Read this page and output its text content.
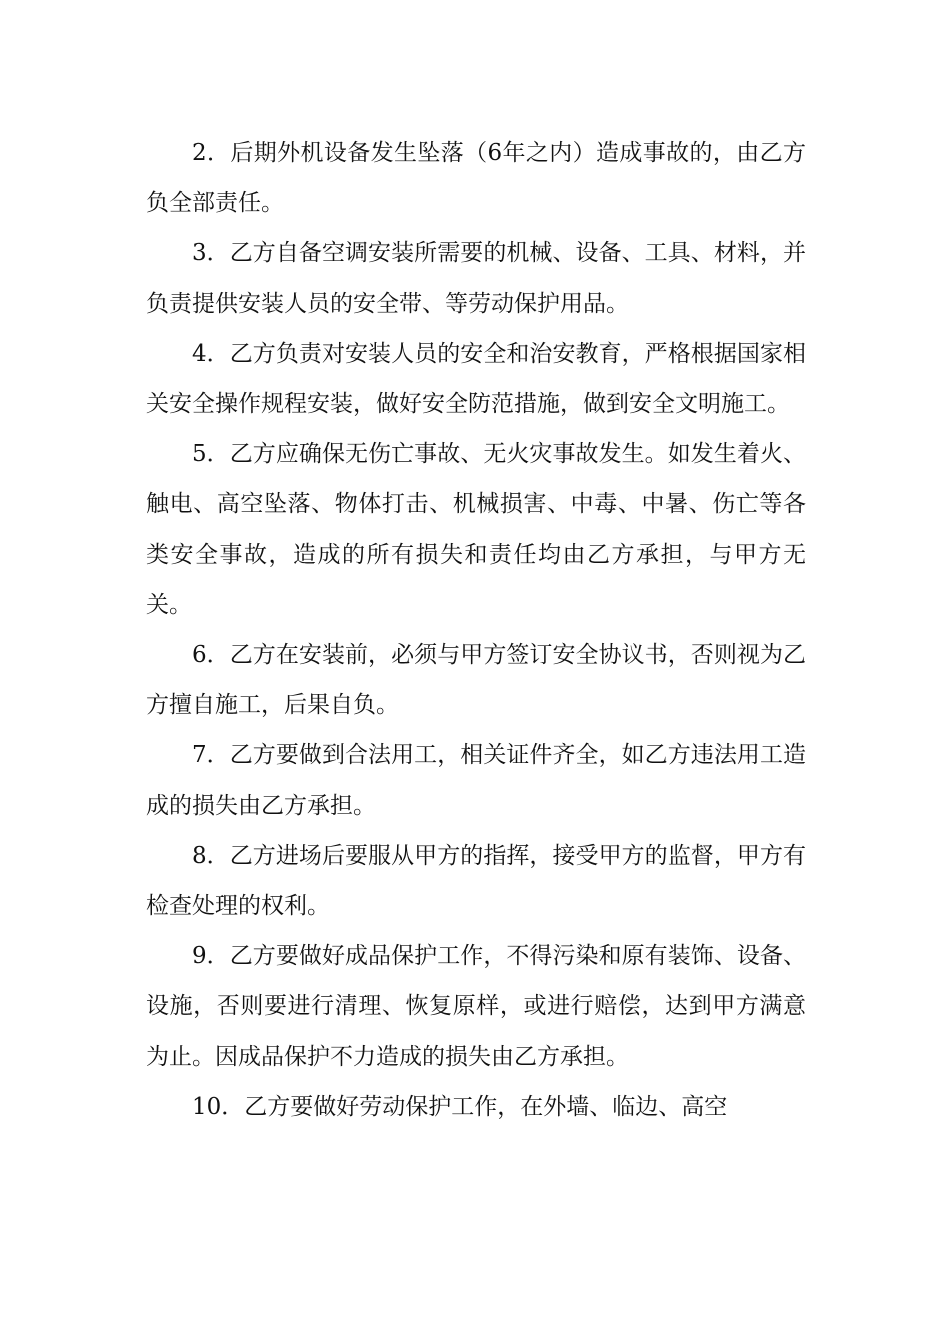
2．后期外机设备发生坠落（6年之内）造成事故的，由乙方负全部责任。

3．乙方自备空调安装所需要的机械、设备、工具、材料，并负责提供安装人员的安全带、等劳动保护用品。

4．乙方负责对安装人员的安全和治安教育，严格根据国家相关安全操作规程安装，做好安全防范措施，做到安全文明施工。

5．乙方应确保无伤亡事故、无火灾事故发生。如发生着火、触电、高空坠落、物体打击、机械损害、中毒、中暑、伤亡等各类安全事故，造成的所有损失和责任均由乙方承担，与甲方无关。

6．乙方在安装前，必须与甲方签订安全协议书，否则视为乙方擅自施工，后果自负。

7．乙方要做到合法用工，相关证件齐全，如乙方违法用工造成的损失由乙方承担。

8．乙方进场后要服从甲方的指挥，接受甲方的监督，甲方有检查处理的权利。

9．乙方要做好成品保护工作，不得污染和原有装饰、设备、设施，否则要进行清理、恢复原样，或进行赔偿，达到甲方满意为止。因成品保护不力造成的损失由乙方承担。

10．乙方要做好劳动保护工作，在外墙、临边、高空
